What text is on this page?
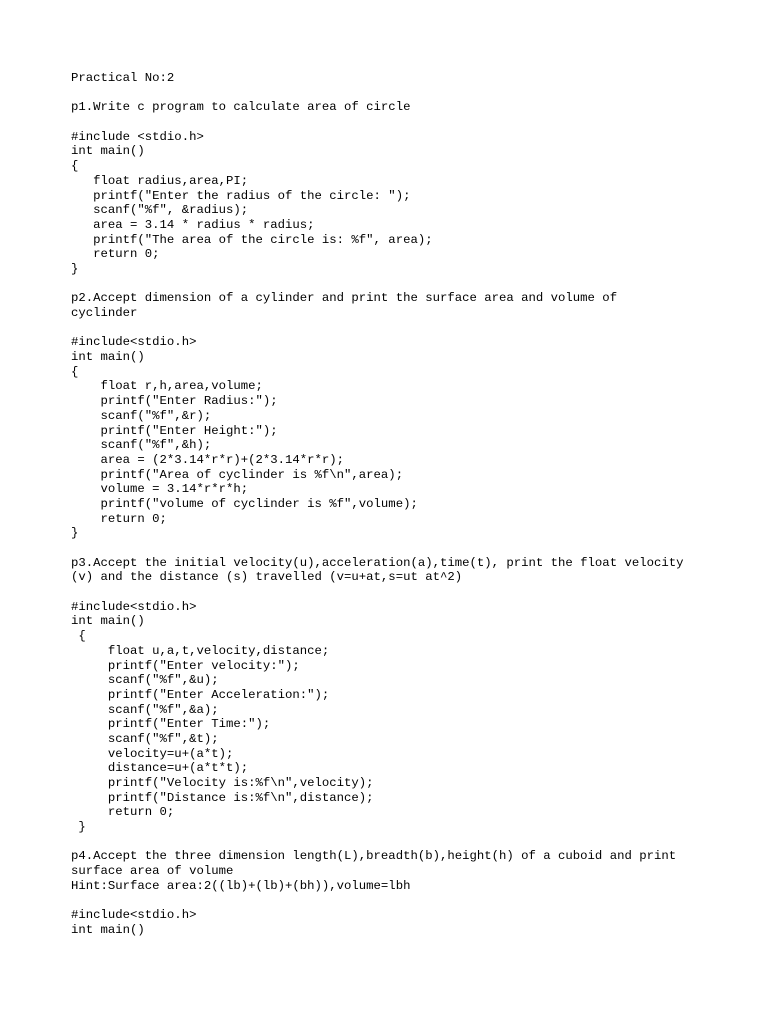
Practical No:2
p1.Write c program to calculate area of circle
#include <stdio.h>
int main()
{
float radius,area,PI;
printf("Enter the radius of the circle: ");
scanf("%f", &radius);
area = 3.14 * radius * radius;
printf("The area of the circle is: %f", area);
return 0;
}
p2.Accept dimension of a cylinder and print the surface area and volume of
cyclinder
#include<stdio.h>
int main()
{
float r,h,area,volume;
printf("Enter Radius:");
scanf("%f",&r);
printf("Enter Height:");
scanf("%f",&h);
area = (2*3.14*r*r)+(2*3.14*r*r);
printf("Area of cyclinder is %f\n",area);
volume = 3.14*r*r*h;
printf("volume of cyclinder is %f",volume);
return 0;
}
p3.Accept the initial velocity(u),acceleration(a),time(t), print the float velocity
(v) and the distance (s) travelled (v=u+at,s=ut at^2)
#include<stdio.h>
int main()
{
float u,a,t,velocity,distance;
printf("Enter velocity:");
scanf("%f",&u);
printf("Enter Acceleration:");
scanf("%f",&a);
printf("Enter Time:");
scanf("%f",&t);
velocity=u+(a*t);
distance=u+(a*t*t);
printf("Velocity is:%f\n",velocity);
printf("Distance is:%f\n",distance);
return 0;
}
p4.Accept the three dimension length(L),breadth(b),height(h) of a cuboid and print
surface area of volume
Hint:Surface area:2((lb)+(lb)+(bh)),volume=lbh
#include<stdio.h>
int main()
